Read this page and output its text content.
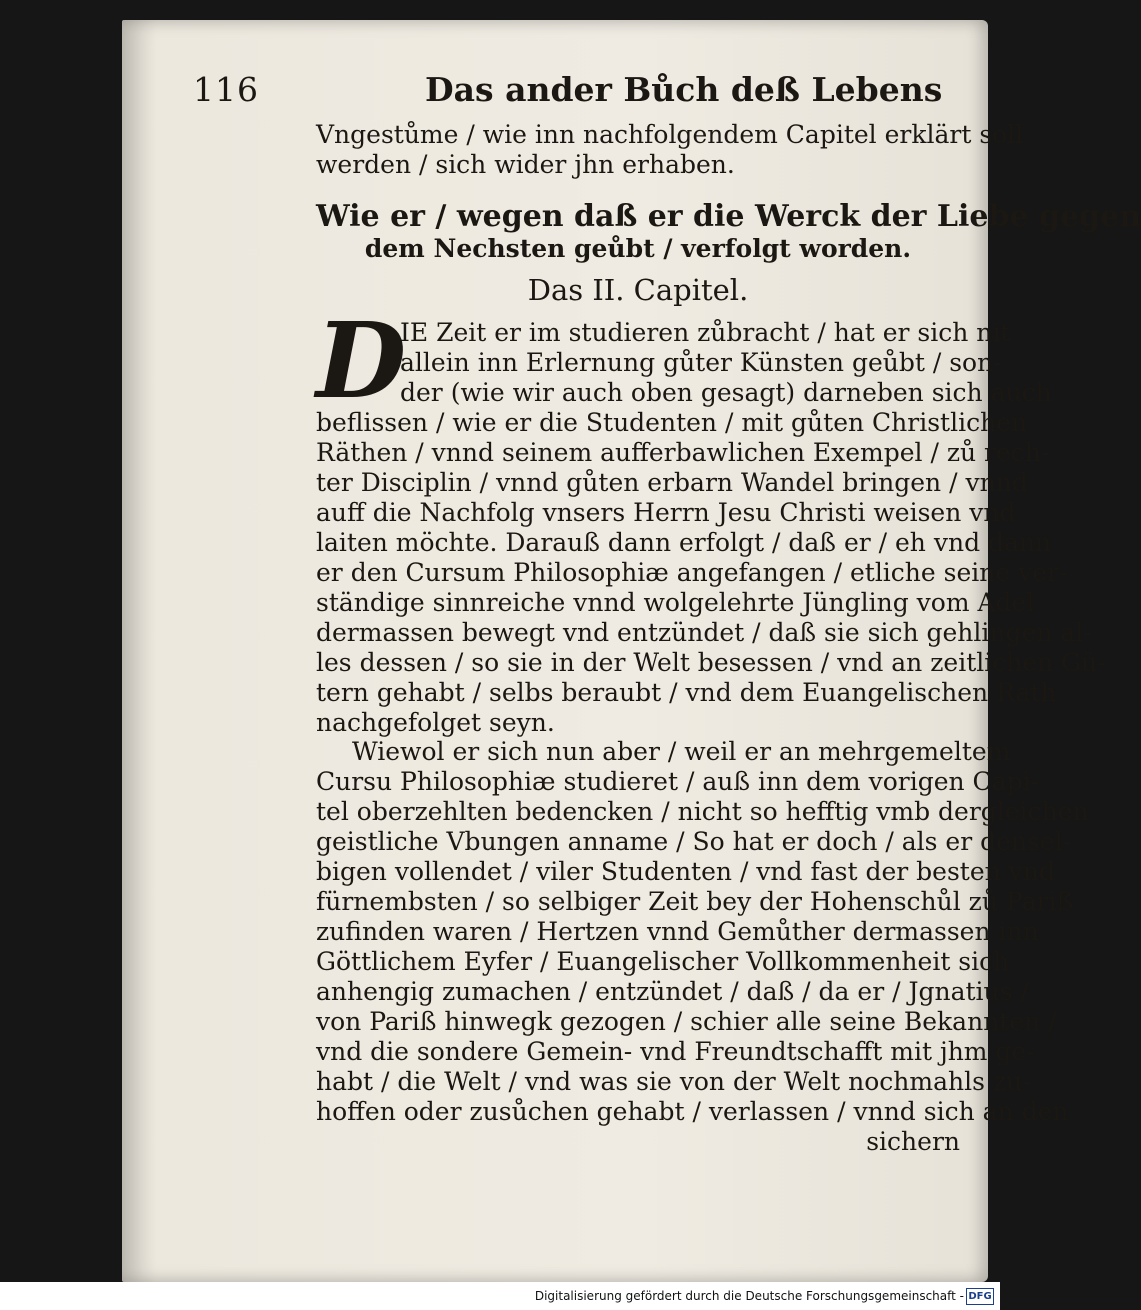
116	Das ander Bůch deß Lebens
D
Vngestůme / wie inn nachfolgendem Capitel erklärt soll
werden / sich wider jhn erhaben.
Wie er / wegen daß er die Werck der Liebe gegen
dem Nechsten geůbt / verfolgt worden.
Das II. Capitel.
IE Zeit er im studieren zůbracht / hat er sich nit
allein inn Erlernung gůter Künsten geůbt / son-
der (wie wir auch oben gesagt) darneben sich auch
beflissen / wie er die Studenten / mit gůten Christlichen
Räthen / vnnd seinem aufferbawlichen Exempel / zů rech-
ter Disciplin / vnnd gůten erbarn Wandel bringen / vnnd
auff die Nachfolg vnsers Herrn Jesu Christi weisen vnd
laiten möchte. Darauß dann erfolgt / daß er / eh vnd dann
er den Cursum Philosophiæ angefangen / etliche seine ver-
ständige sinnreiche vnnd wolgelehrte Jüngling vom Adel
dermassen bewegt vnd entzündet / daß sie sich gehlingen al-
les dessen / so sie in der Welt besessen / vnd an zeitlichen Gü-
tern gehabt / selbs beraubt / vnd dem Euangelischen Rath
nachgefolget seyn.
Wiewol er sich nun aber / weil er an mehrgemeltem
Cursu Philosophiæ studieret / auß inn dem vorigen Capi-
tel oberzehlten bedencken / nicht so hefftig vmb dergleichen
geistliche Vbungen anname / So hat er doch / als er densel-
bigen vollendet / viler Studenten / vnd fast der besten vnd
fürnembsten / so selbiger Zeit bey der Hohenschůl zů Pariß
zufinden waren / Hertzen vnnd Gemůther dermassen inn
Göttlichem Eyfer / Euangelischer Vollkommenheit sich
anhengig zumachen / entzündet / daß / da er / Jgnatius /
von Pariß hinwegk gezogen / schier alle seine Bekannten /
vnd die sondere Gemein- vnd Freundtschafft mit jhm ge-
habt / die Welt / vnd was sie von der Welt nochmahls zu-
hoffen oder zusůchen gehabt / verlassen / vnnd sich an den
sichern
Digitalisierung gefördert durch die Deutsche Forschungsgemeinschaft - DFG
